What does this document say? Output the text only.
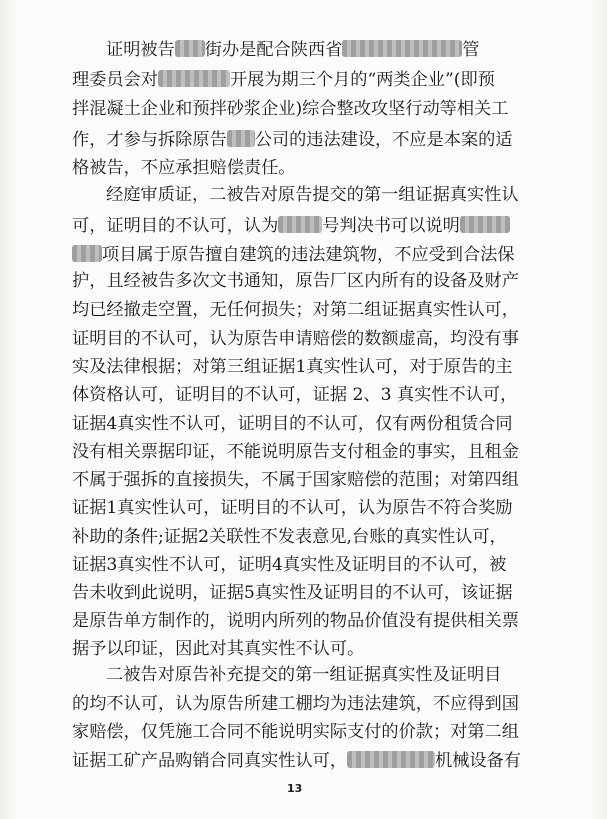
证明被告 街办是配合陕西省	管
理委员会对	开展为期三个月的“两类企业”(即预
拌混凝土企业和预拌砂浆企业)综合整改攻坚行动等相关工
作，才参与拆除原告 公司的违法建设，不应是本案的适
格被告，不应承担赔偿责任。
经庭审质证，二被告对原告提交的第一组证据真实性认
可，证明目的不认可，认为	号判决书可以说明
项目属于原告擅自建筑的违法建筑物，不应受到合法保
护，且经被告多次文书通知，原告厂区内所有的设备及财产
均已经撤走空置，无任何损失；对第二组证据真实性认可，
证明目的不认可，认为原告申请赔偿的数额虚高，均没有事
实及法律根据；对第三组证据1真实性认可，对于原告的主
体资格认可，证明目的不认可，证据 2、3 真实性不认可，
证据4真实性不认可，证明目的不认可，仅有两份租赁合同
没有相关票据印证，不能说明原告支付租金的事实，且租金
不属于强拆的直接损失，不属于国家赔偿的范围；对第四组
证据1真实性认可，证明目的不认可，认为原告不符合奖励
补助的条件;证据2关联性不发表意见,台账的真实性认可，
证据3真实性不认可，证明4真实性及证明目的不认可，被
告未收到此说明，证据5真实性及证明目的不认可，该证据
是原告单方制作的，说明内所列的物品价值没有提供相关票
据予以印证，因此对其真实性不认可。
二被告对原告补充提交的第一组证据真实性及证明目
的均不认可，认为原告所建工棚均为违法建筑，不应得到国
家赔偿，仅凭施工合同不能说明实际支付的价款；对第二组
证据工矿产品购销合同真实性认可，	机械设备有
13
